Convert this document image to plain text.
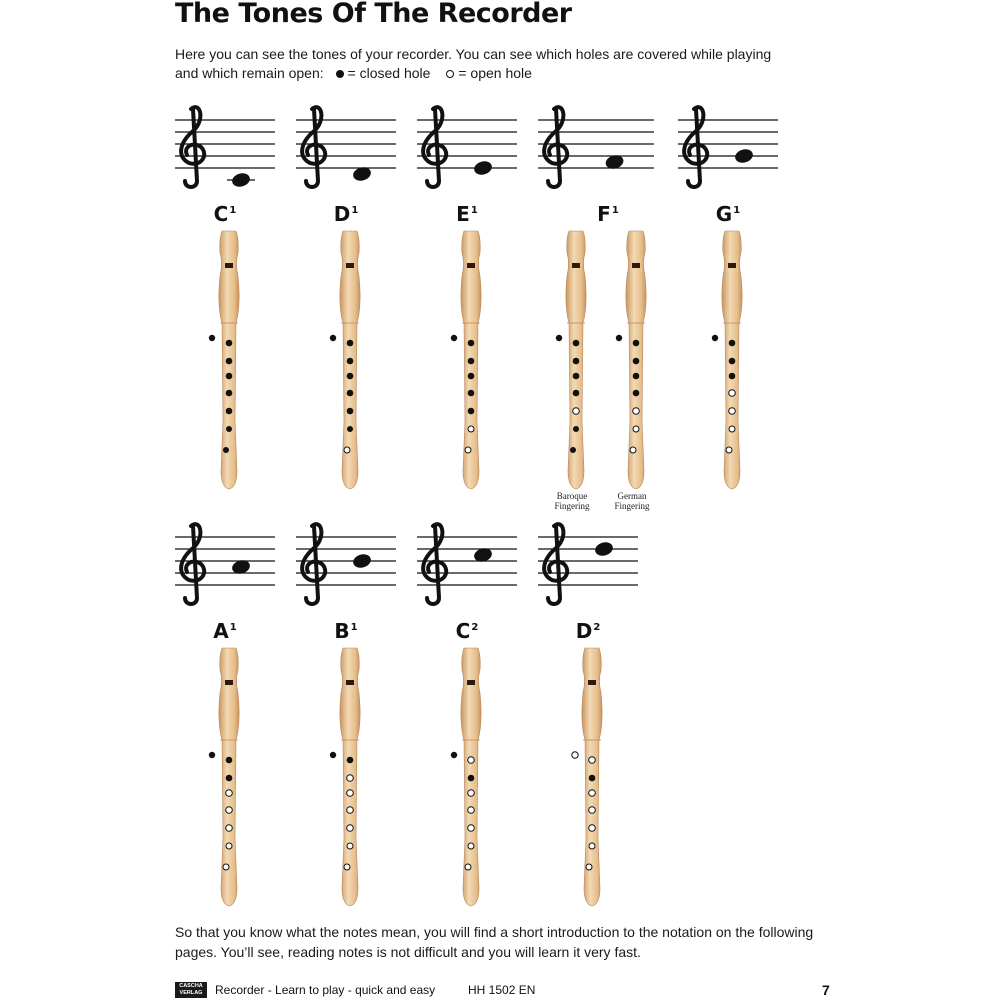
The Tones Of The Recorder
Here you can see the tones of your recorder. You can see which holes are covered while playing
and which remain open: = closed hole = open hole
$C^1$	$D^1$	$E^1$	$F^1$
Baroque
Fingering
German
Fingering
$G^1$
$A^1$	$B^1$	$C^2$	$D^2$
So that you know what the notes mean, you will find a short introduction to the notation on the following pages. You’ll see, reading notes is not difficult and you will learn it very fast.
CASCHA
VERLAG	Recorder - Learn to play - quick and easy	HH 1502 EN	7
